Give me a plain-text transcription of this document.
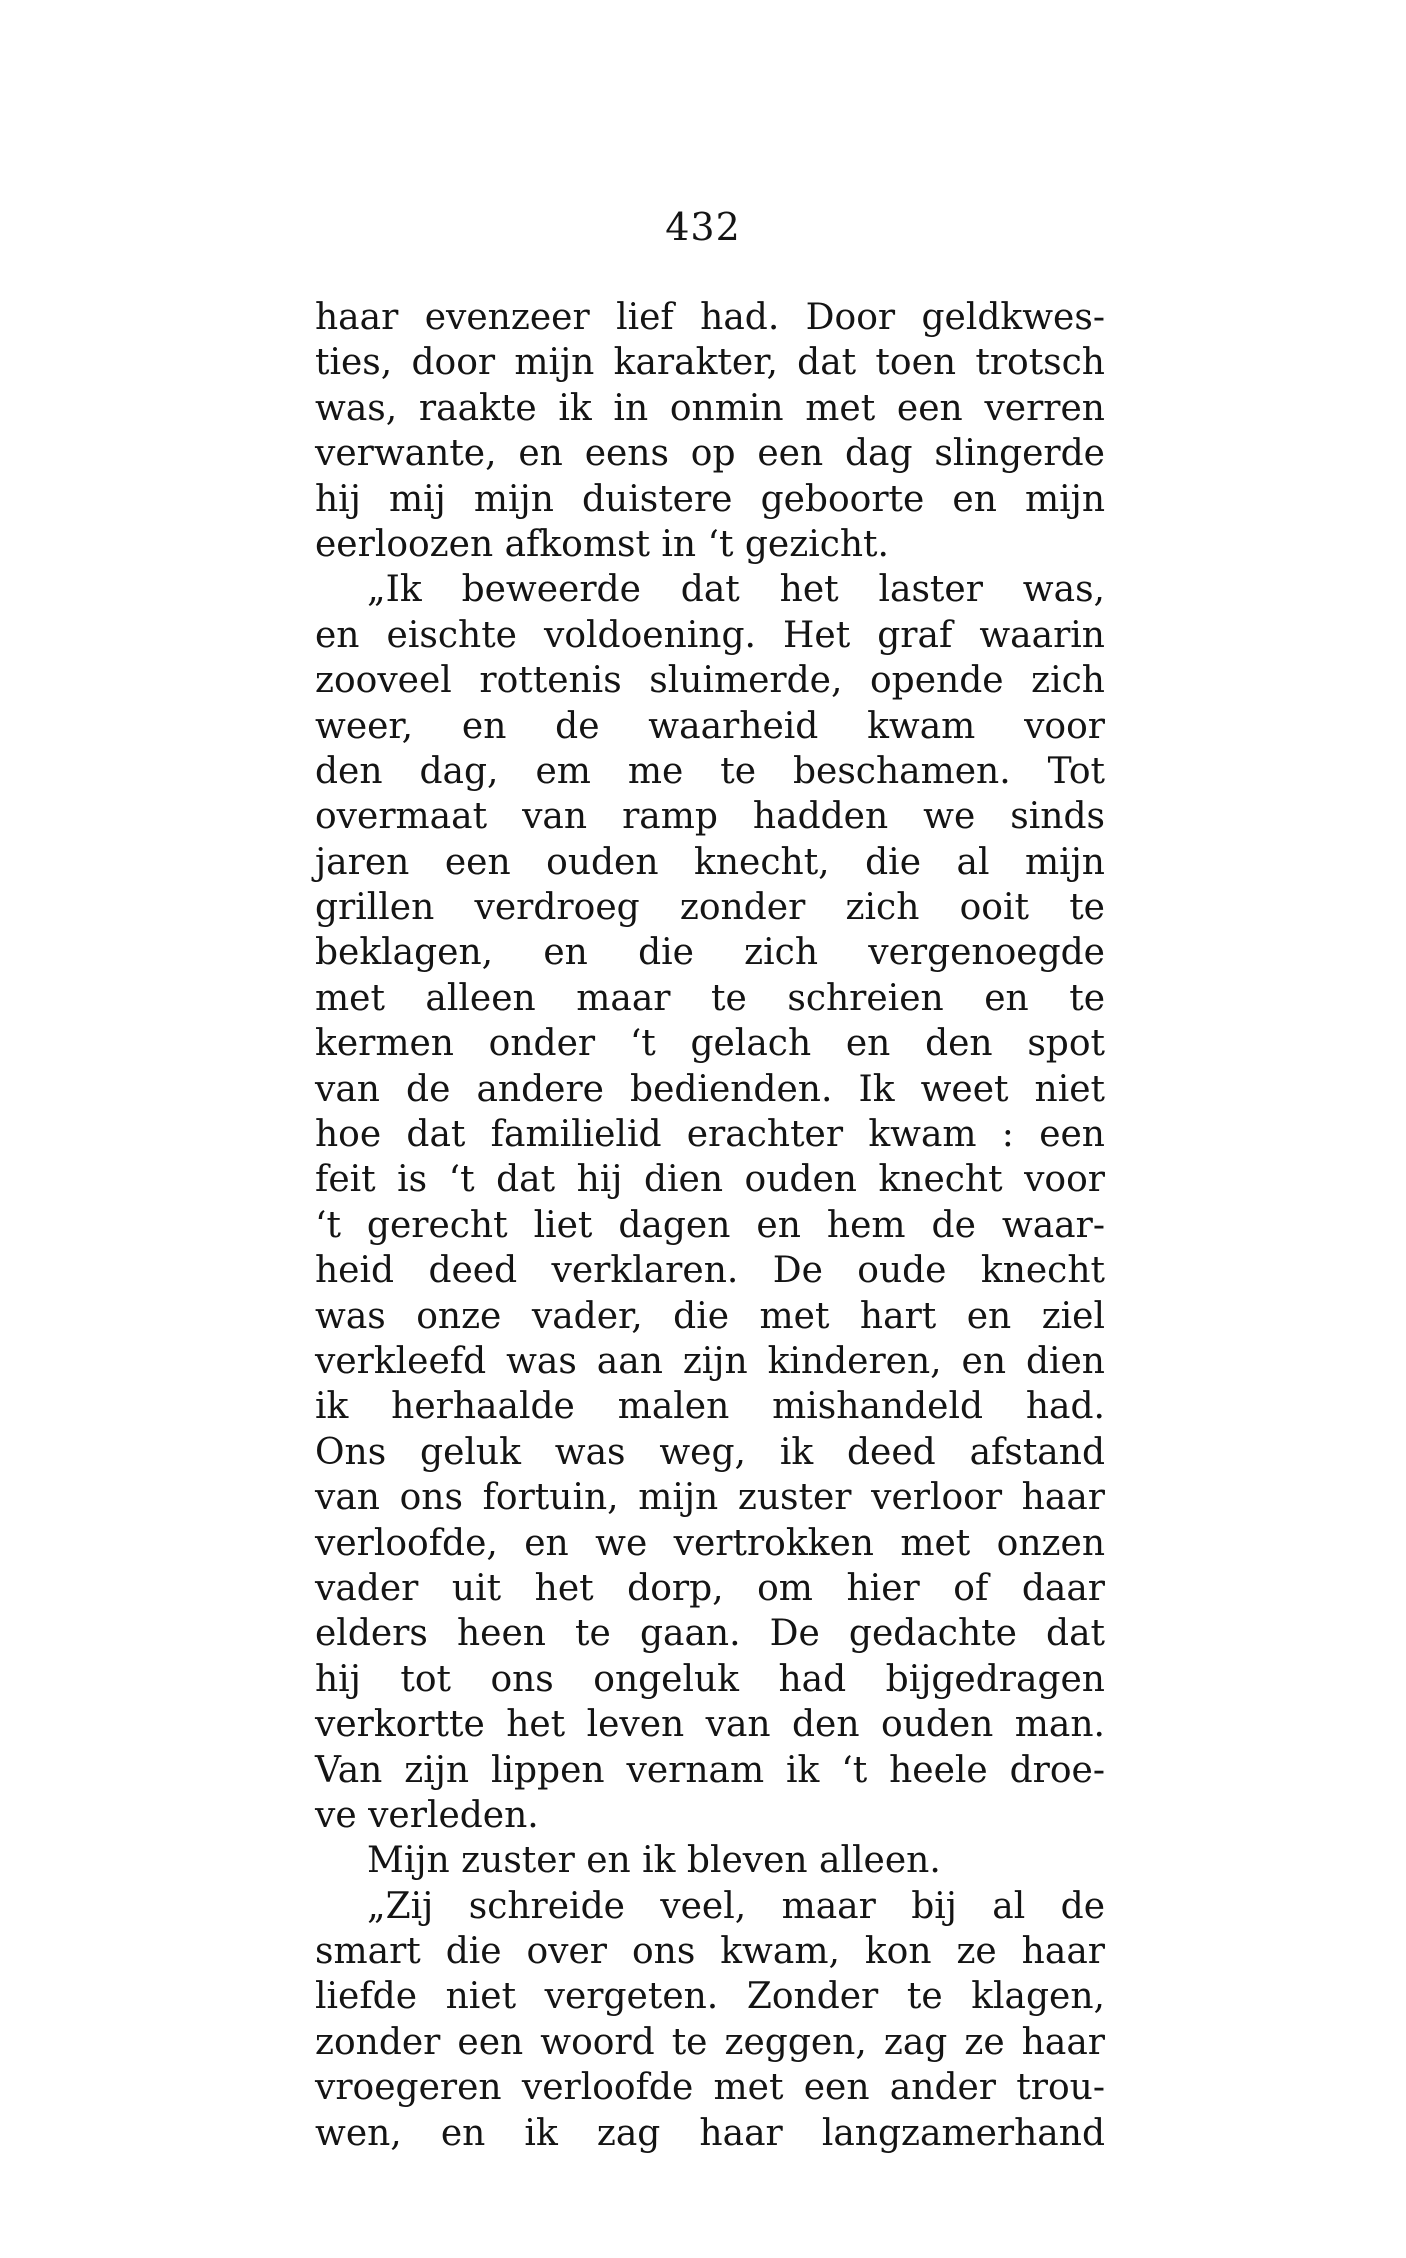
432
haar evenzeer lief had. Door geldkwes-
ties, door mijn karakter, dat toen trotsch
was, raakte ik in onmin met een verren
verwante, en eens op een dag slingerde
hij mij mijn duistere geboorte en mijn
eerloozen afkomst in ‘t gezicht.
„Ik beweerde dat het laster was,
en eischte voldoening. Het graf waarin
zooveel rottenis sluimerde, opende zich
weer, en de waarheid kwam voor
den dag, em me te beschamen. Tot
overmaat van ramp hadden we sinds
jaren een ouden knecht, die al mijn
grillen verdroeg zonder zich ooit te
beklagen, en die zich vergenoegde
met alleen maar te schreien en te
kermen onder ‘t gelach en den spot
van de andere bedienden. Ik weet niet
hoe dat familielid erachter kwam : een
feit is ‘t dat hij dien ouden knecht voor
‘t gerecht liet dagen en hem de waar-
heid deed verklaren. De oude knecht
was onze vader, die met hart en ziel
verkleefd was aan zijn kinderen, en dien
ik herhaalde malen mishandeld had.
Ons geluk was weg, ik deed afstand
van ons fortuin, mijn zuster verloor haar
verloofde, en we vertrokken met onzen
vader uit het dorp, om hier of daar
elders heen te gaan. De gedachte dat
hij tot ons ongeluk had bijgedragen
verkortte het leven van den ouden man.
Van zijn lippen vernam ik ‘t heele droe-
ve verleden.
Mijn zuster en ik bleven alleen.
„Zij schreide veel, maar bij al de
smart die over ons kwam, kon ze haar
liefde niet vergeten. Zonder te klagen,
zonder een woord te zeggen, zag ze haar
vroegeren verloofde met een ander trou-
wen, en ik zag haar langzamerhand
